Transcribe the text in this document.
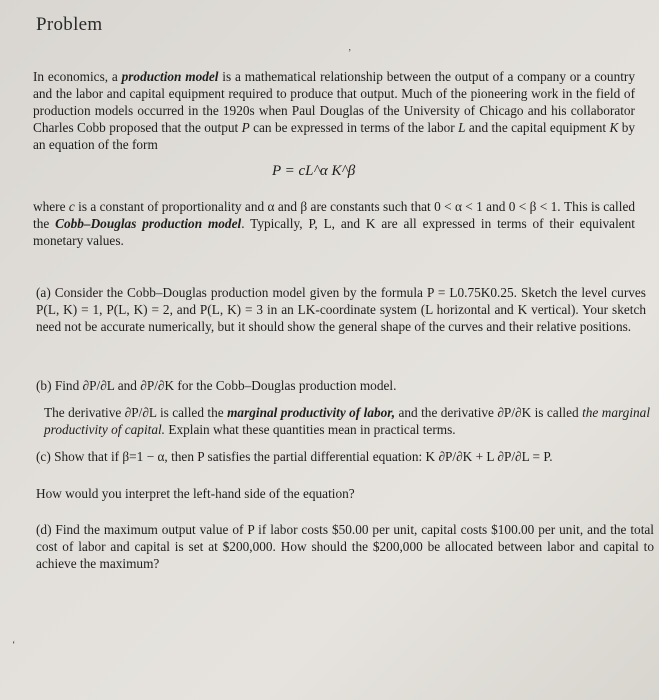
Problem
In economics, a production model is a mathematical relationship between the output of a company or a country and the labor and capital equipment required to produce that output. Much of the pioneering work in the field of production models occurred in the 1920s when Paul Douglas of the University of Chicago and his collaborator Charles Cobb proposed that the output P can be expressed in terms of the labor L and the capital equipment K by an equation of the form
P = cL^α K^β
where c is a constant of proportionality and α and β are constants such that 0 < α < 1 and 0 < β < 1. This is called the Cobb–Douglas production model. Typically, P, L, and K are all expressed in terms of their equivalent monetary values.
(a) Consider the Cobb–Douglas production model given by the formula P = L0.75K0.25. Sketch the level curves P(L, K) = 1, P(L, K) = 2, and P(L, K) = 3 in an LK-coordinate system (L horizontal and K vertical). Your sketch need not be accurate numerically, but it should show the general shape of the curves and their relative positions.
(b) Find ∂P/∂L and ∂P/∂K for the Cobb–Douglas production model.
The derivative ∂P/∂L is called the marginal productivity of labor, and the derivative ∂P/∂K is called the marginal productivity of capital. Explain what these quantities mean in practical terms.
(c) Show that if β=1 − α, then P satisfies the partial differential equation: K ∂P/∂K + L ∂P/∂L = P.
How would you interpret the left-hand side of the equation?
(d) Find the maximum output value of P if labor costs $50.00 per unit, capital costs $100.00 per unit, and the total cost of labor and capital is set at $200,000. How should the $200,000 be allocated between labor and capital to achieve the maximum?
ʼ
ʻ
